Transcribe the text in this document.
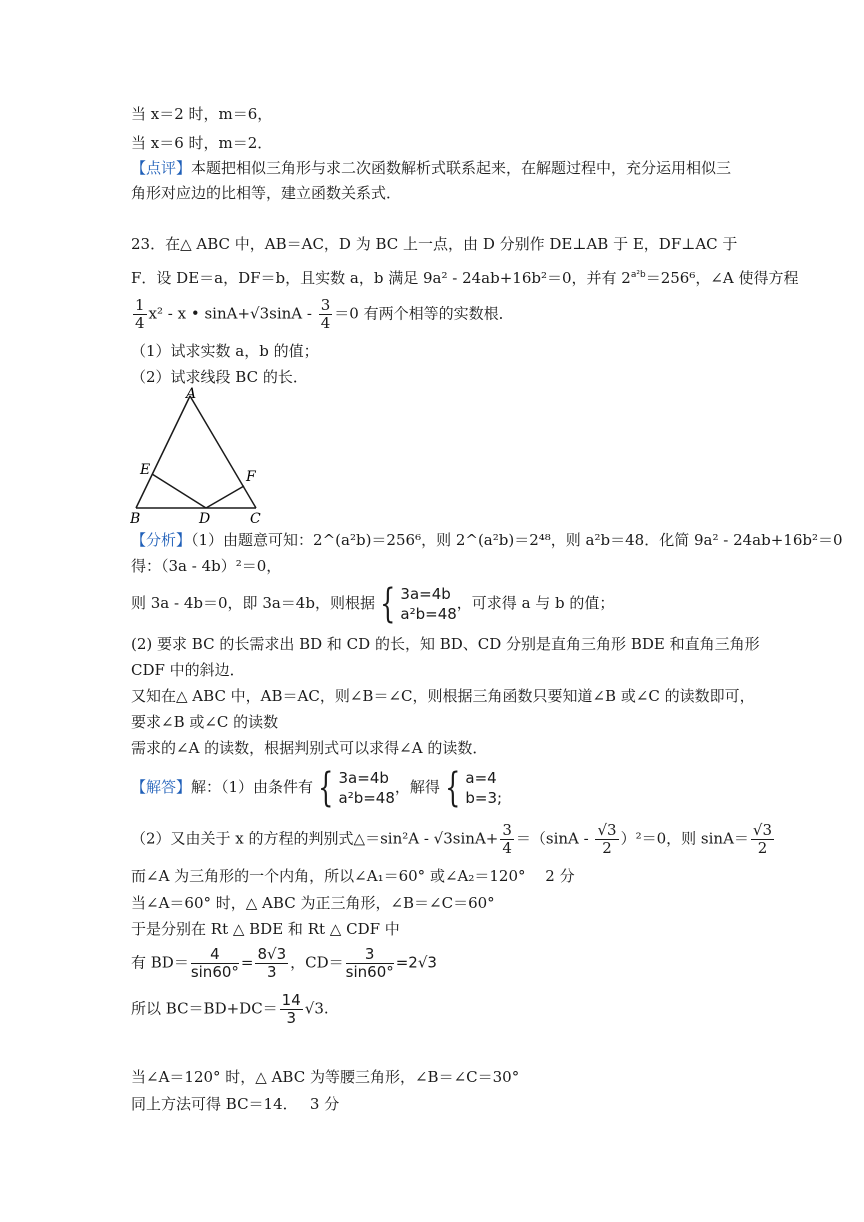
当 x＝2 时，m＝6，
当 x＝6 时，m＝2．
【点评】本题把相似三角形与求二次函数解析式联系起来，在解题过程中，充分运用相似三
角形对应边的比相等，建立函数关系式．
23．在△ ABC 中，AB＝AC，D 为 BC 上一点，由 D 分别作 DE⊥AB 于 E，DF⊥AC 于
F．设 DE＝a，DF＝b，且实数 a，b 满足 9a² - 24ab+16b²＝0，并有 $2^{a^2b}=256^6$，∠A 使得方程
$\frac{1}{4} x^2$ - x • $\sin A+√3\sin A - \frac{3}{4} =0$ 有两个相等的实数根．
（1）试求实数 a，b 的值；
（2）试求线段 BC 的长．
A
E	F
B	D	C
【分析】（1）由题意可知：2^(a²b)＝256⁶，则 2^(a²b)＝2⁴⁸，则 a²b＝48．化简 9a² - 24ab+16b²＝0
得：（3a - 4b）²＝0，
则 3a - 4b＝0，即 3a＝4b，则根据 { 3a=4b
a²b=48
，可求得 a 与 b 的值；
(2) 要求 BC 的长需求出 BD 和 CD 的长，知 BD、CD 分别是直角三角形 BDE 和直角三角形
CDF 中的斜边．
又知在△ ABC 中，AB＝AC，则∠B＝∠C，则根据三角函数只要知道∠B 或∠C 的读数即可，
要求∠B 或∠C 的读数
需求的∠A 的读数，根据判别式可以求得∠A 的读数．
【解答】解：（1）由条件有 { 3a=4b
a²b=48
，解得 { a=4
b=3;
（2）又由关于 x 的方程的判别式△＝sin²A - $√3\sin A+ \frac{3}{4} =(\sin A - \frac{√3}{2} )^2=0$，则 $\sin A= \frac{√3}{2}$
而∠A 为三角形的一个内角，所以∠A₁＝60° 或∠A₂＝120°　 2 分
当∠A＝60° 时，△ ABC 为正三角形，∠B＝∠C＝60°
于是分别在 Rt △ BDE 和 Rt △ CDF 中
有 $BD= \frac{4}{\sin 60^\circ} = \frac{8√3}{3}$ ，$CD= \frac{3}{\sin 60^\circ} =2√3$
所以 $BC=BD+DC= \frac{14}{3} √3$.
当∠A＝120° 时，△ ABC 为等腰三角形，∠B＝∠C＝30°
同上方法可得 BC＝14．　 3 分
